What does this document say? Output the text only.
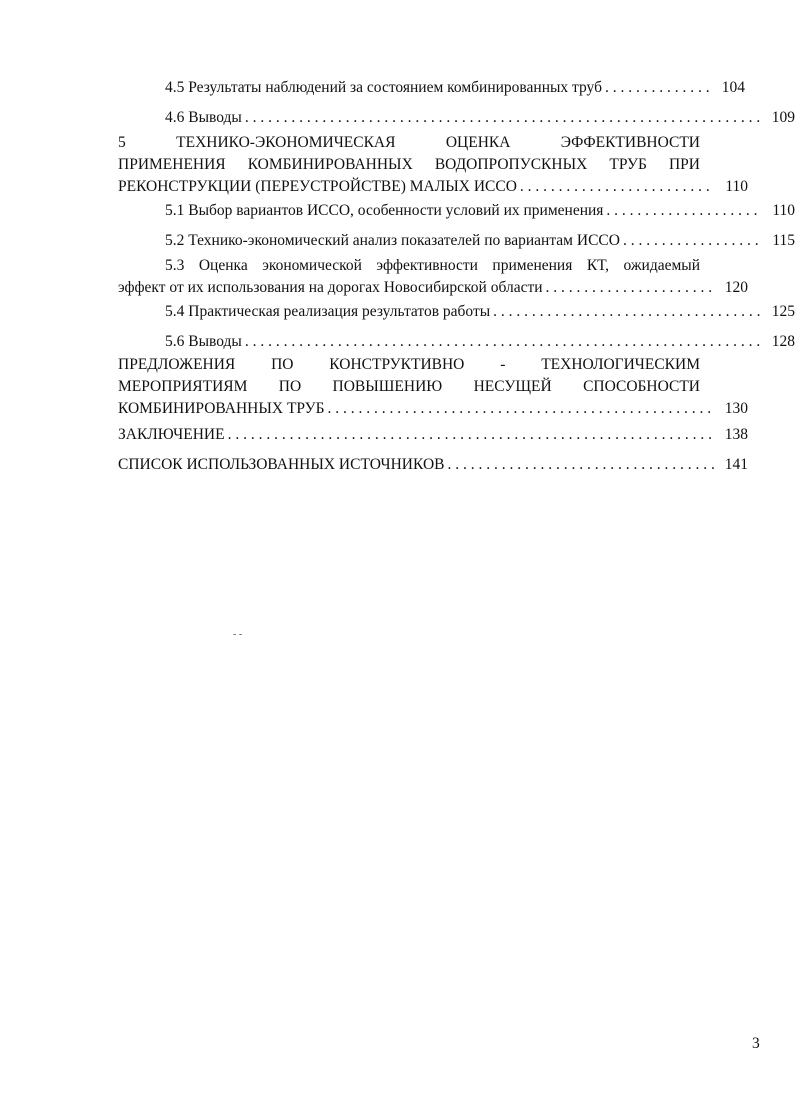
4.5 Результаты наблюдений за состоянием комбинированных труб . . .	104
4.6 Выводы . . .	109
5 ТЕХНИКО-ЭКОНОМИЧЕСКАЯ ОЦЕНКА ЭФФЕКТИВНОСТИ
ПРИМЕНЕНИЯ КОМБИНИРОВАННЫХ ВОДОПРОПУСКНЫХ ТРУБ ПРИ
РЕКОНСТРУКЦИИ (ПЕРЕУСТРОЙСТВЕ) МАЛЫХ ИССО . . .	110
5.1 Выбор вариантов ИССО, особенности условий их применения . . .	110
5.2 Технико-экономический анализ показателей по вариантам ИССО . . .	115
5.3 Оценка экономической эффективности применения КТ, ожидаемый
эффект от их использования на дорогах Новосибирской области . . .	120
5.4 Практическая реализация результатов работы . . .	125
5.6 Выводы . . .	128
ПРЕДЛОЖЕНИЯ ПО КОНСТРУКТИВНО - ТЕХНОЛОГИЧЕСКИМ
МЕРОПРИЯТИЯМ ПО ПОВЫШЕНИЮ НЕСУЩЕЙ СПОСОБНОСТИ
КОМБИНИРОВАННЫХ ТРУБ . . .	130
ЗАКЛЮЧЕНИЕ . . .	138
СПИСОК ИСПОЛЬЗОВАННЫХ ИСТОЧНИКОВ . . .	141
- -
3
